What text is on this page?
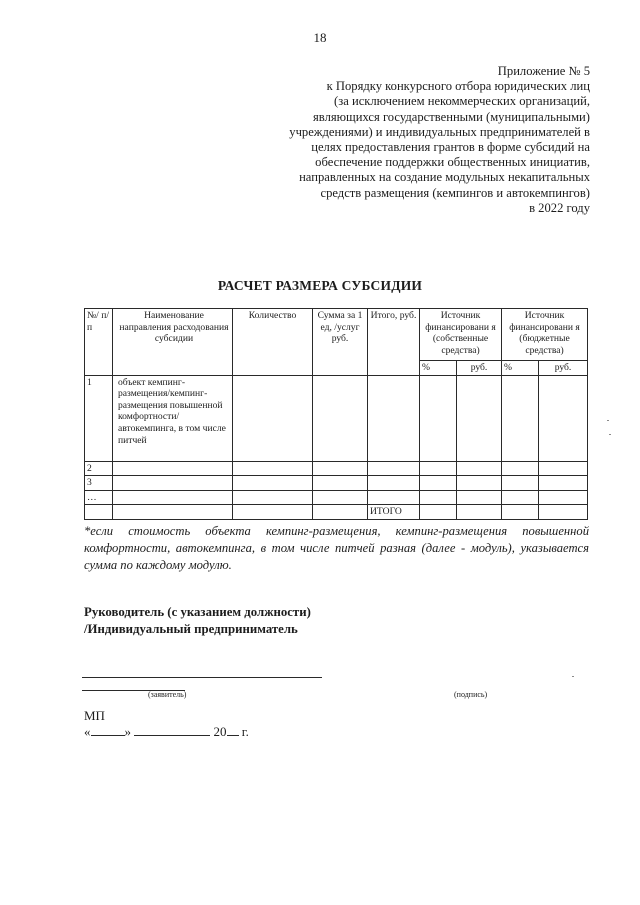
18
Приложение № 5
к Порядку конкурсного отбора юридических лиц
(за исключением некоммерческих организаций,
являющихся государственными (муниципальными)
учреждениями) и индивидуальных предпринимателей в
целях предоставления грантов в форме субсидий на
обеспечение поддержки общественных инициатив,
направленных на создание модульных некапитальных
средств размещения (кемпингов и автокемпингов)
в 2022 году
РАСЧЕТ РАЗМЕРА СУБСИДИИ
№/ п/п	Наименование направления расходования субсидии	Количество	Сумма за 1 ед, /услуг руб.	Итого, руб.	Источник финансировани я (собственные средства)		Источник финансировани я (бюджетные средства)	
					%	руб.	%	руб.
1	объект кемпинг-размещения/кемпинг-размещения повышенной комфортности/ автокемпинга, в том числе питчей							
2								
3								
…								
				ИТОГО				
*если стоимость объекта кемпинг-размещения, кемпинг-размещения повышенной комфортности, автокемпинга, в том числе питчей разная (далее - модуль), указывается сумма по каждому модулю.
Руководитель (с указанием должности)
/Индивидуальный предприниматель
(заявитель)	(подпись)
МП
«	»	20 г.
